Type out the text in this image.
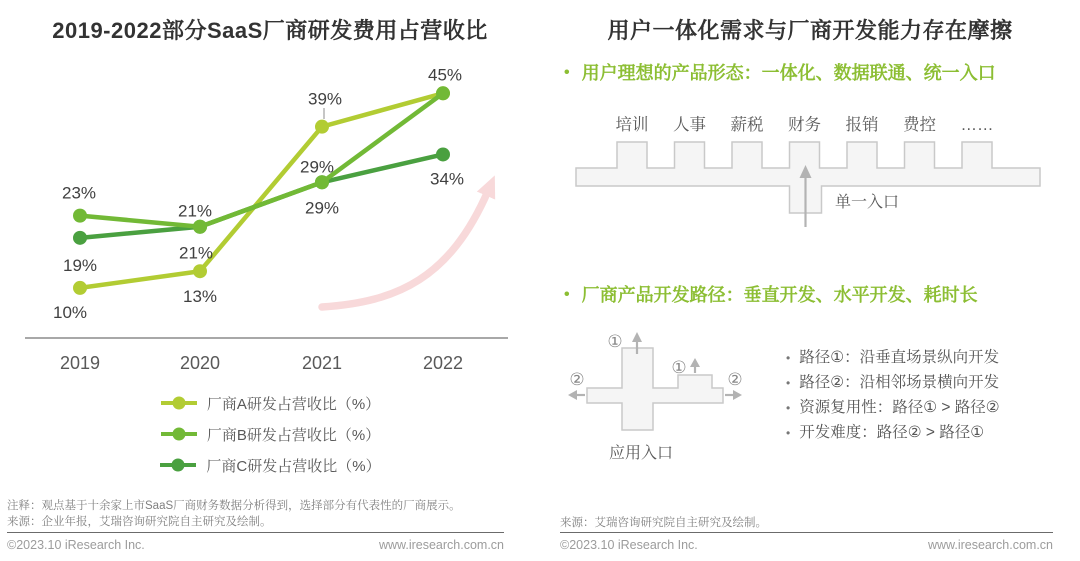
2019-2022部分SaaS厂商研发费用占营收比
2019	2020	2021	2022
10%
13%
39%
45%
23%
21%
29%
19%
21%
29%
34%
厂商A研发占营收比（%）
厂商B研发占营收比（%）
厂商C研发占营收比（%）
注释：观点基于十余家上市SaaS厂商财务数据分析得到，选择部分有代表性的厂商展示。
来源：企业年报，艾瑞咨询研究院自主研究及绘制。
©2023.10 iResearch Inc.	www.iresearch.com.cn
用户一体化需求与厂商开发能力存在摩擦
• 用户理想的产品形态：一体化、数据联通、统一入口
培训 人事 薪税 财务 报销 费控 ……
单一入口
• 厂商产品开发路径：垂直开发、水平开发、耗时长
①
①
②	②
应用入口
• 路径①：沿垂直场景纵向开发
• 路径②：沿相邻场景横向开发
• 资源复用性：路径① > 路径②
• 开发难度：路径② > 路径①
来源：艾瑞咨询研究院自主研究及绘制。
©2023.10 iResearch Inc.	www.iresearch.com.cn
